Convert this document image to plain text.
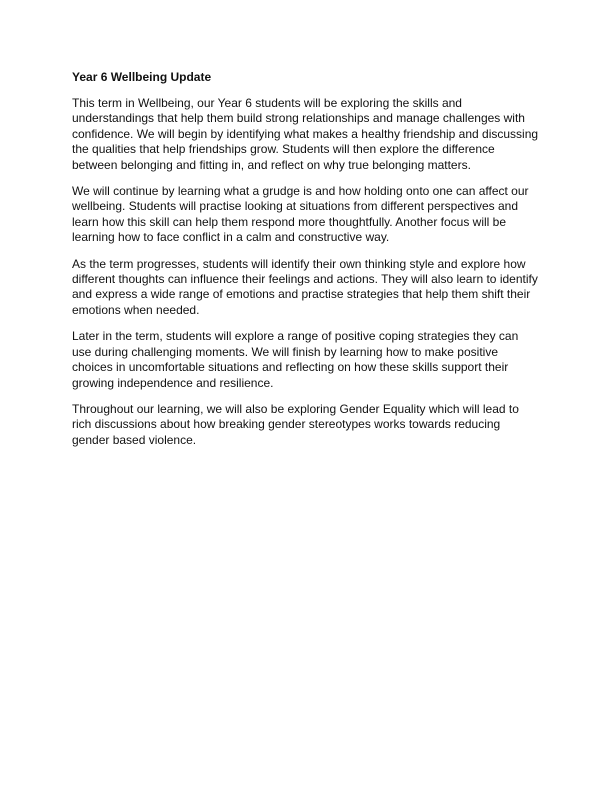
Year 6 Wellbeing Update
This term in Wellbeing, our Year 6 students will be exploring the skills and
understandings that help them build strong relationships and manage challenges with
confidence. We will begin by identifying what makes a healthy friendship and discussing
the qualities that help friendships grow. Students will then explore the difference
between belonging and fitting in, and reflect on why true belonging matters.
We will continue by learning what a grudge is and how holding onto one can affect our
wellbeing. Students will practise looking at situations from different perspectives and
learn how this skill can help them respond more thoughtfully. Another focus will be
learning how to face conflict in a calm and constructive way.
As the term progresses, students will identify their own thinking style and explore how
different thoughts can influence their feelings and actions. They will also learn to identify
and express a wide range of emotions and practise strategies that help them shift their
emotions when needed.
Later in the term, students will explore a range of positive coping strategies they can
use during challenging moments. We will finish by learning how to make positive
choices in uncomfortable situations and reflecting on how these skills support their
growing independence and resilience.
Throughout our learning, we will also be exploring Gender Equality which will lead to
rich discussions about how breaking gender stereotypes works towards reducing
gender based violence.
